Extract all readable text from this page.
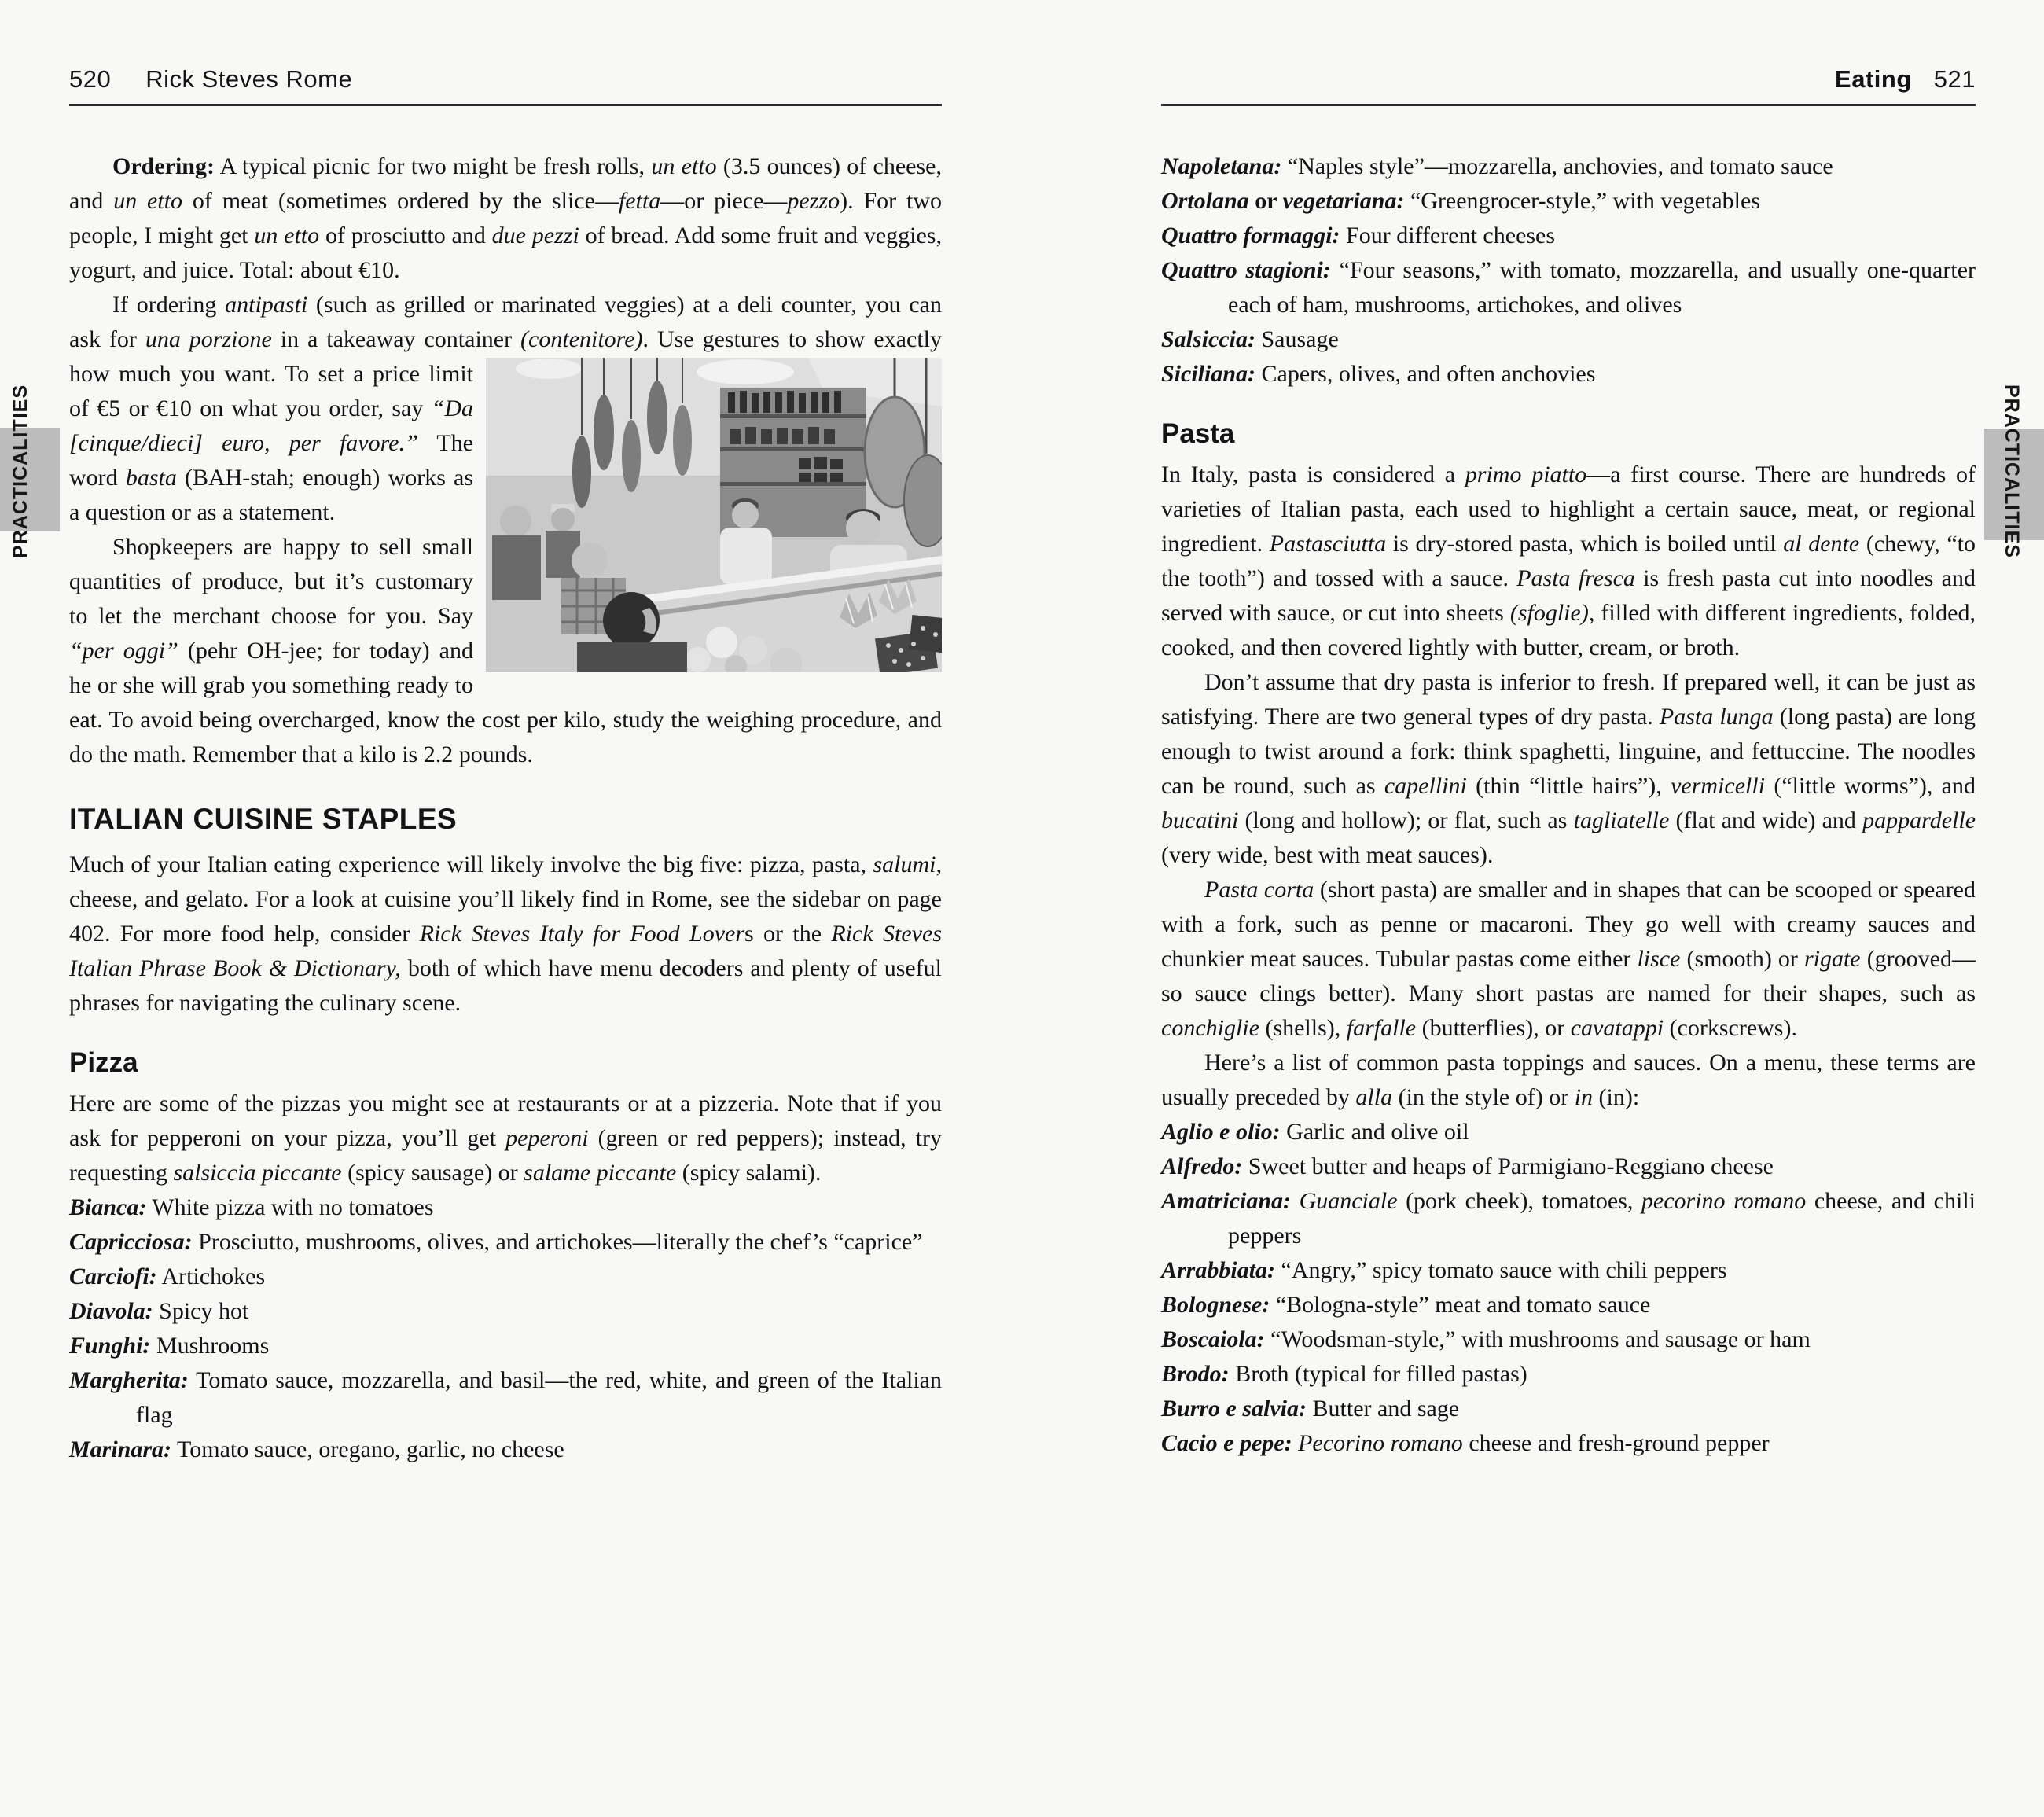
PRACTICALITIES	PRACTICALITIES
520 Rick Steves Rome

Ordering: A typical picnic for two might be fresh rolls, un etto (3.5 ounces) of cheese, and un etto of meat (sometimes ordered by the slice—fetta—or piece—pezzo). For two people, I might get un etto of prosciutto and due pezzi of bread. Add some fruit and veggies, yogurt, and juice. Total: about €10.

If ordering antipasti (such as grilled or marinated veggies) at a deli counter, you can ask for una porzione in a takeaway container (contenitore). Use gestures to show exactly how much you want. To set a price limit of €5 or €10 on what you order, say “Da [cinque/dieci] euro, per favore.” The word basta (BAH-stah; enough) works as a question or as a statement.

Shopkeepers are happy to sell small quantities of produce, but it’s customary to let the merchant choose for you. Say “per oggi” (pehr OH-jee; for today) and he or she will grab you something ready to eat. To avoid being overcharged, know the cost per kilo, study the weighing procedure, and do the math. Remember that a kilo is 2.2 pounds.

ITALIAN CUISINE STAPLES

Much of your Italian eating experience will likely involve the big five: pizza, pasta, salumi, cheese, and gelato. For a look at cuisine you’ll likely find in Rome, see the sidebar on page 402. For more food help, consider Rick Steves Italy for Food Lovers or the Rick Steves Italian Phrase Book & Dictionary, both of which have menu decoders and plenty of useful phrases for navigating the culinary scene.

Pizza

Here are some of the pizzas you might see at restaurants or at a pizzeria. Note that if you ask for pepperoni on your pizza, you’ll get peperoni (green or red peppers); instead, try requesting salsiccia piccante (spicy sausage) or salame piccante (spicy salami).

Bianca: White pizza with no tomatoes
Capricciosa: Prosciutto, mushrooms, olives, and artichokes—literally the chef’s “caprice”
Carciofi: Artichokes
Diavola: Spicy hot
Funghi: Mushrooms
Margherita: Tomato sauce, mozzarella, and basil—the red, white, and green of the Italian flag
Marinara: Tomato sauce, oregano, garlic, no cheese
Eating 521
Napoletana: “Naples style”—mozzarella, anchovies, and tomato sauce
Ortolana or vegetariana: “Greengrocer-style,” with vegetables
Quattro formaggi: Four different cheeses
Quattro stagioni: “Four seasons,” with tomato, mozzarella, and usually one-quarter each of ham, mushrooms, artichokes, and olives
Salsiccia: Sausage
Siciliana: Capers, olives, and often anchovies
Pasta

In Italy, pasta is considered a primo piatto—a first course. There are hundreds of varieties of Italian pasta, each used to highlight a certain sauce, meat, or regional ingredient. Pastasciutta is dry-stored pasta, which is boiled until al dente (chewy, “to the tooth”) and tossed with a sauce. Pasta fresca is fresh pasta cut into noodles and served with sauce, or cut into sheets (sfoglie), filled with different ingredients, folded, cooked, and then covered lightly with butter, cream, or broth.

Don’t assume that dry pasta is inferior to fresh. If prepared well, it can be just as satisfying. There are two general types of dry pasta. Pasta lunga (long pasta) are long enough to twist around a fork: think spaghetti, linguine, and fettuccine. The noodles can be round, such as capellini (thin “little hairs”), vermicelli (“little worms”), and bucatini (long and hollow); or flat, such as tagliatelle (flat and wide) and pappardelle (very wide, best with meat sauces).

Pasta corta (short pasta) are smaller and in shapes that can be scooped or speared with a fork, such as penne or macaroni. They go well with creamy sauces and chunkier meat sauces. Tubular pastas come either lisce (smooth) or rigate (grooved—so sauce clings better). Many short pastas are named for their shapes, such as conchiglie (shells), farfalle (butterflies), or cavatappi (corkscrews).

Here’s a list of common pasta toppings and sauces. On a menu, these terms are usually preceded by alla (in the style of) or in (in):

Aglio e olio: Garlic and olive oil
Alfredo: Sweet butter and heaps of Parmigiano-Reggiano cheese
Amatriciana: Guanciale (pork cheek), tomatoes, pecorino romano cheese, and chili peppers
Arrabbiata: “Angry,” spicy tomato sauce with chili peppers
Bolognese: “Bologna-style” meat and tomato sauce
Boscaiola: “Woodsman-style,” with mushrooms and sausage or ham
Brodo: Broth (typical for filled pastas)
Burro e salvia: Butter and sage
Cacio e pepe: Pecorino romano cheese and fresh-ground pepper
